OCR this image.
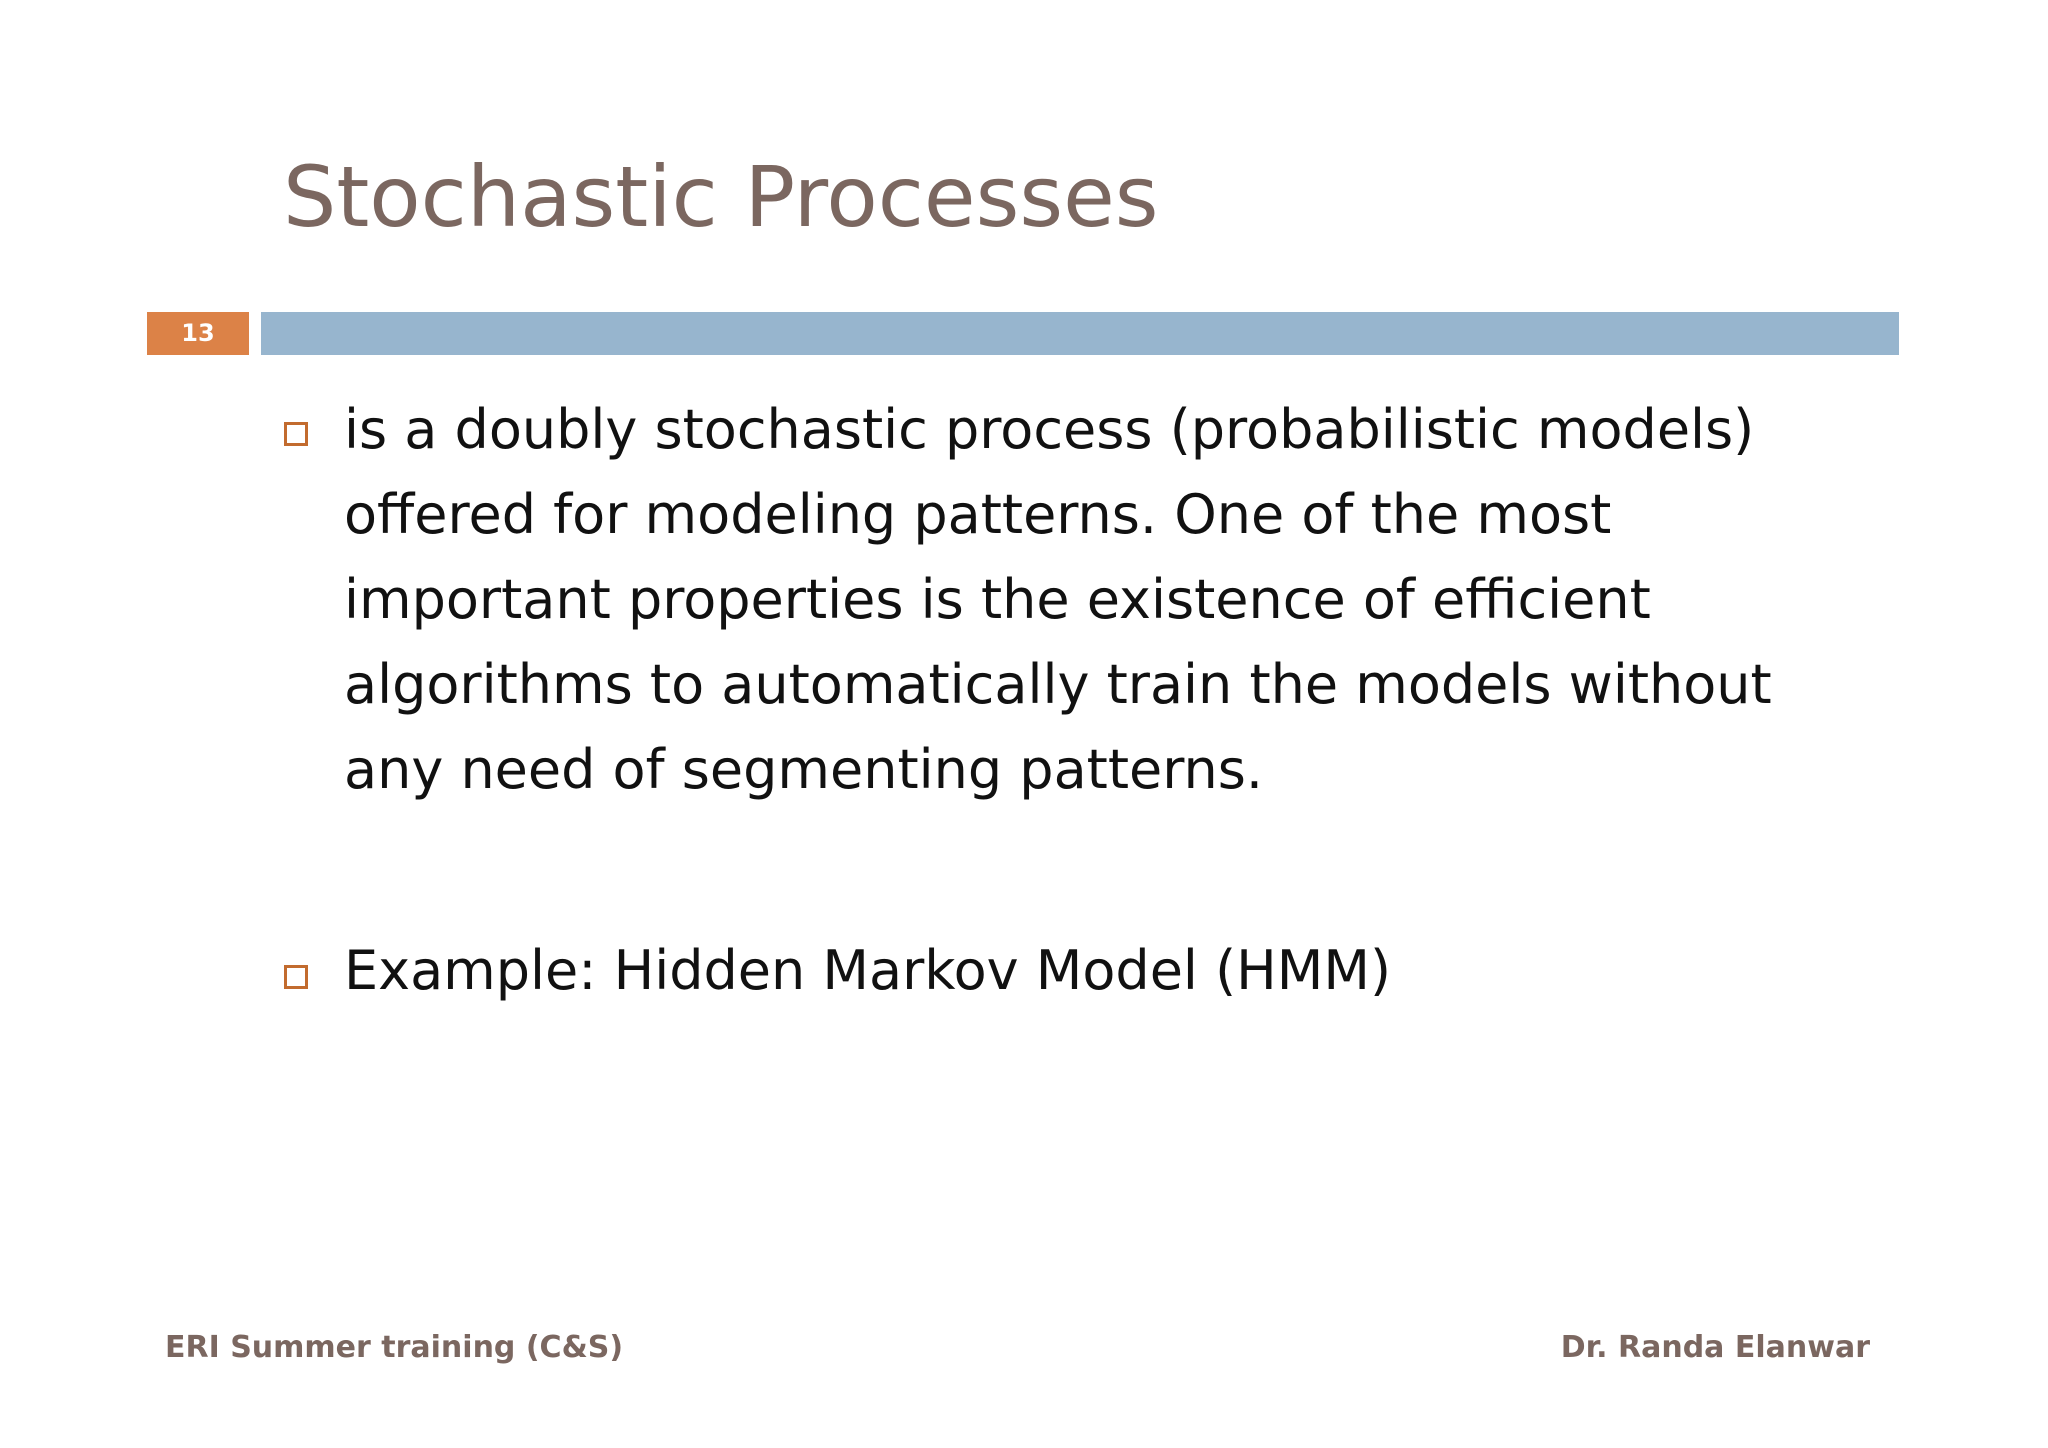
Stochastic Processes
13
is a doubly stochastic process (probabilistic models)
offered for modeling patterns. One of the most
important properties is the existence of efficient
algorithms to automatically train the models without
any need of segmenting patterns.
Example: Hidden Markov Model (HMM)
ERI Summer training (C&S)	Dr. Randa Elanwar
